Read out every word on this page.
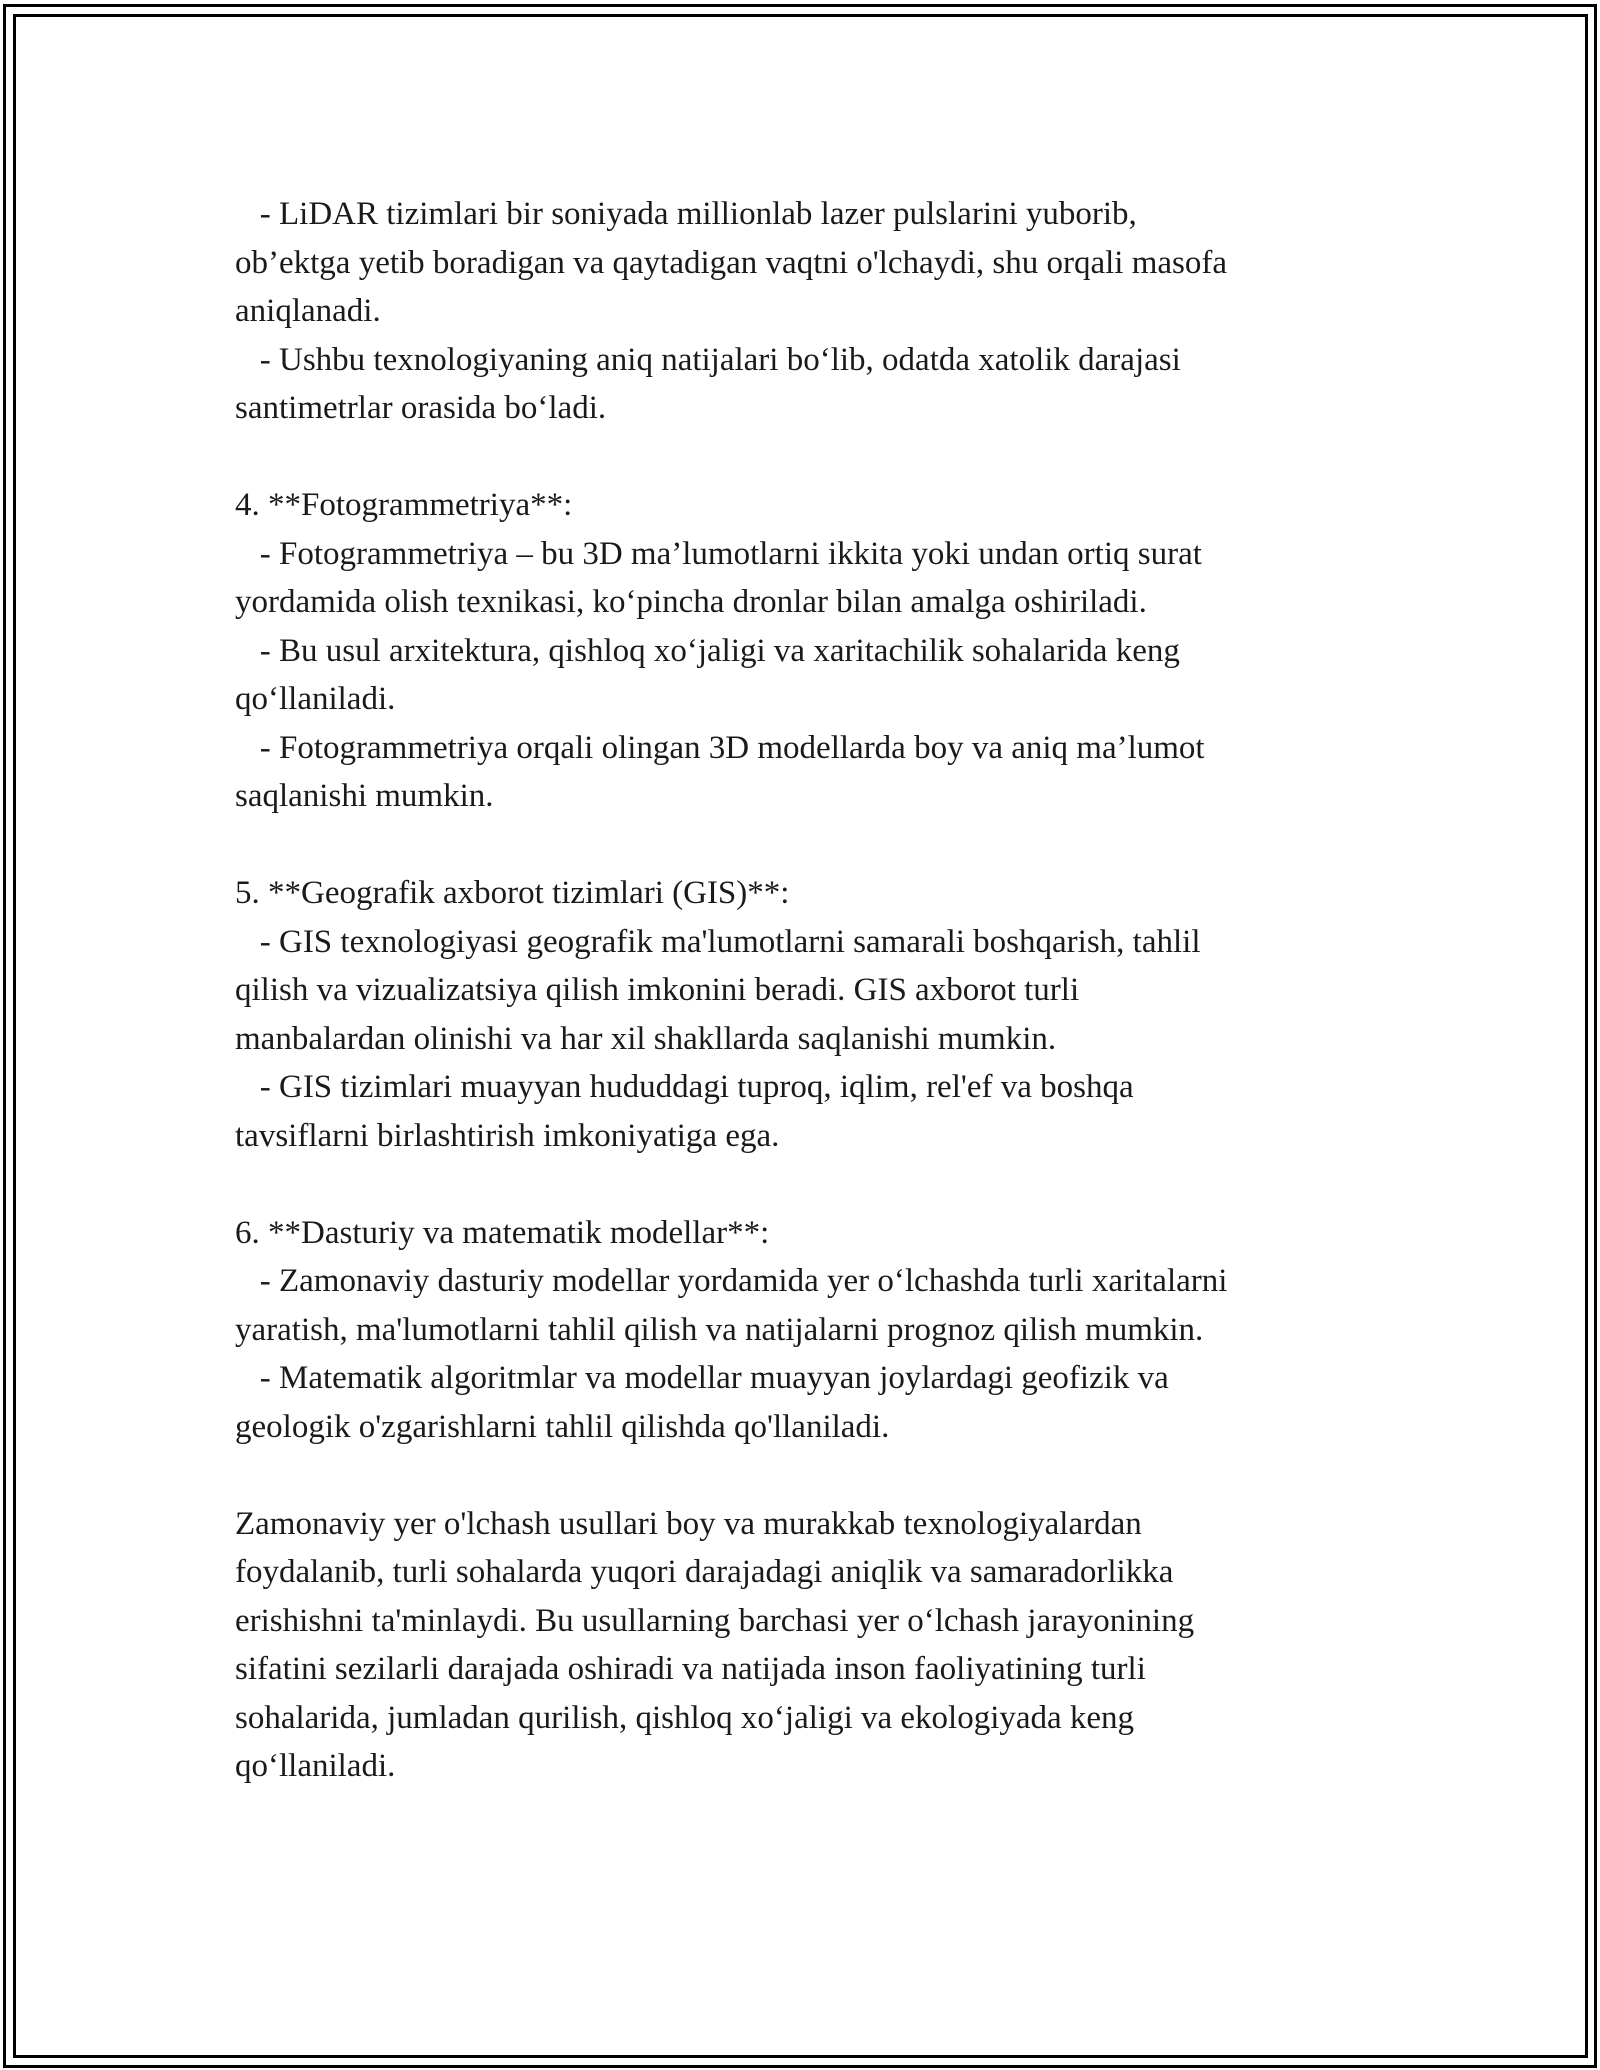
- LiDAR tizimlari bir soniyada millionlab lazer pulslarini yuborib,
ob’ektga yetib boradigan va qaytadigan vaqtni o'lchaydi, shu orqali masofa
aniqlanadi.
- Ushbu texnologiyaning aniq natijalari bo‘lib, odatda xatolik darajasi
santimetrlar orasida bo‘ladi.
4. **Fotogrammetriya**:
- Fotogrammetriya – bu 3D ma’lumotlarni ikkita yoki undan ortiq surat
yordamida olish texnikasi, ko‘pincha dronlar bilan amalga oshiriladi.
- Bu usul arxitektura, qishloq xo‘jaligi va xaritachilik sohalarida keng
qo‘llaniladi.
- Fotogrammetriya orqali olingan 3D modellarda boy va aniq ma’lumot
saqlanishi mumkin.
5. **Geografik axborot tizimlari (GIS)**:
- GIS texnologiyasi geografik ma'lumotlarni samarali boshqarish, tahlil
qilish va vizualizatsiya qilish imkonini beradi. GIS axborot turli
manbalardan olinishi va har xil shakllarda saqlanishi mumkin.
- GIS tizimlari muayyan hududdagi tuproq, iqlim, rel'ef va boshqa
tavsiflarni birlashtirish imkoniyatiga ega.
6. **Dasturiy va matematik modellar**:
- Zamonaviy dasturiy modellar yordamida yer o‘lchashda turli xaritalarni
yaratish, ma'lumotlarni tahlil qilish va natijalarni prognoz qilish mumkin.
- Matematik algoritmlar va modellar muayyan joylardagi geofizik va
geologik o'zgarishlarni tahlil qilishda qo'llaniladi.
Zamonaviy yer o'lchash usullari boy va murakkab texnologiyalardan
foydalanib, turli sohalarda yuqori darajadagi aniqlik va samaradorlikka
erishishni ta'minlaydi. Bu usullarning barchasi yer o‘lchash jarayonining
sifatini sezilarli darajada oshiradi va natijada inson faoliyatining turli
sohalarida, jumladan qurilish, qishloq xo‘jaligi va ekologiyada keng
qo‘llaniladi.
